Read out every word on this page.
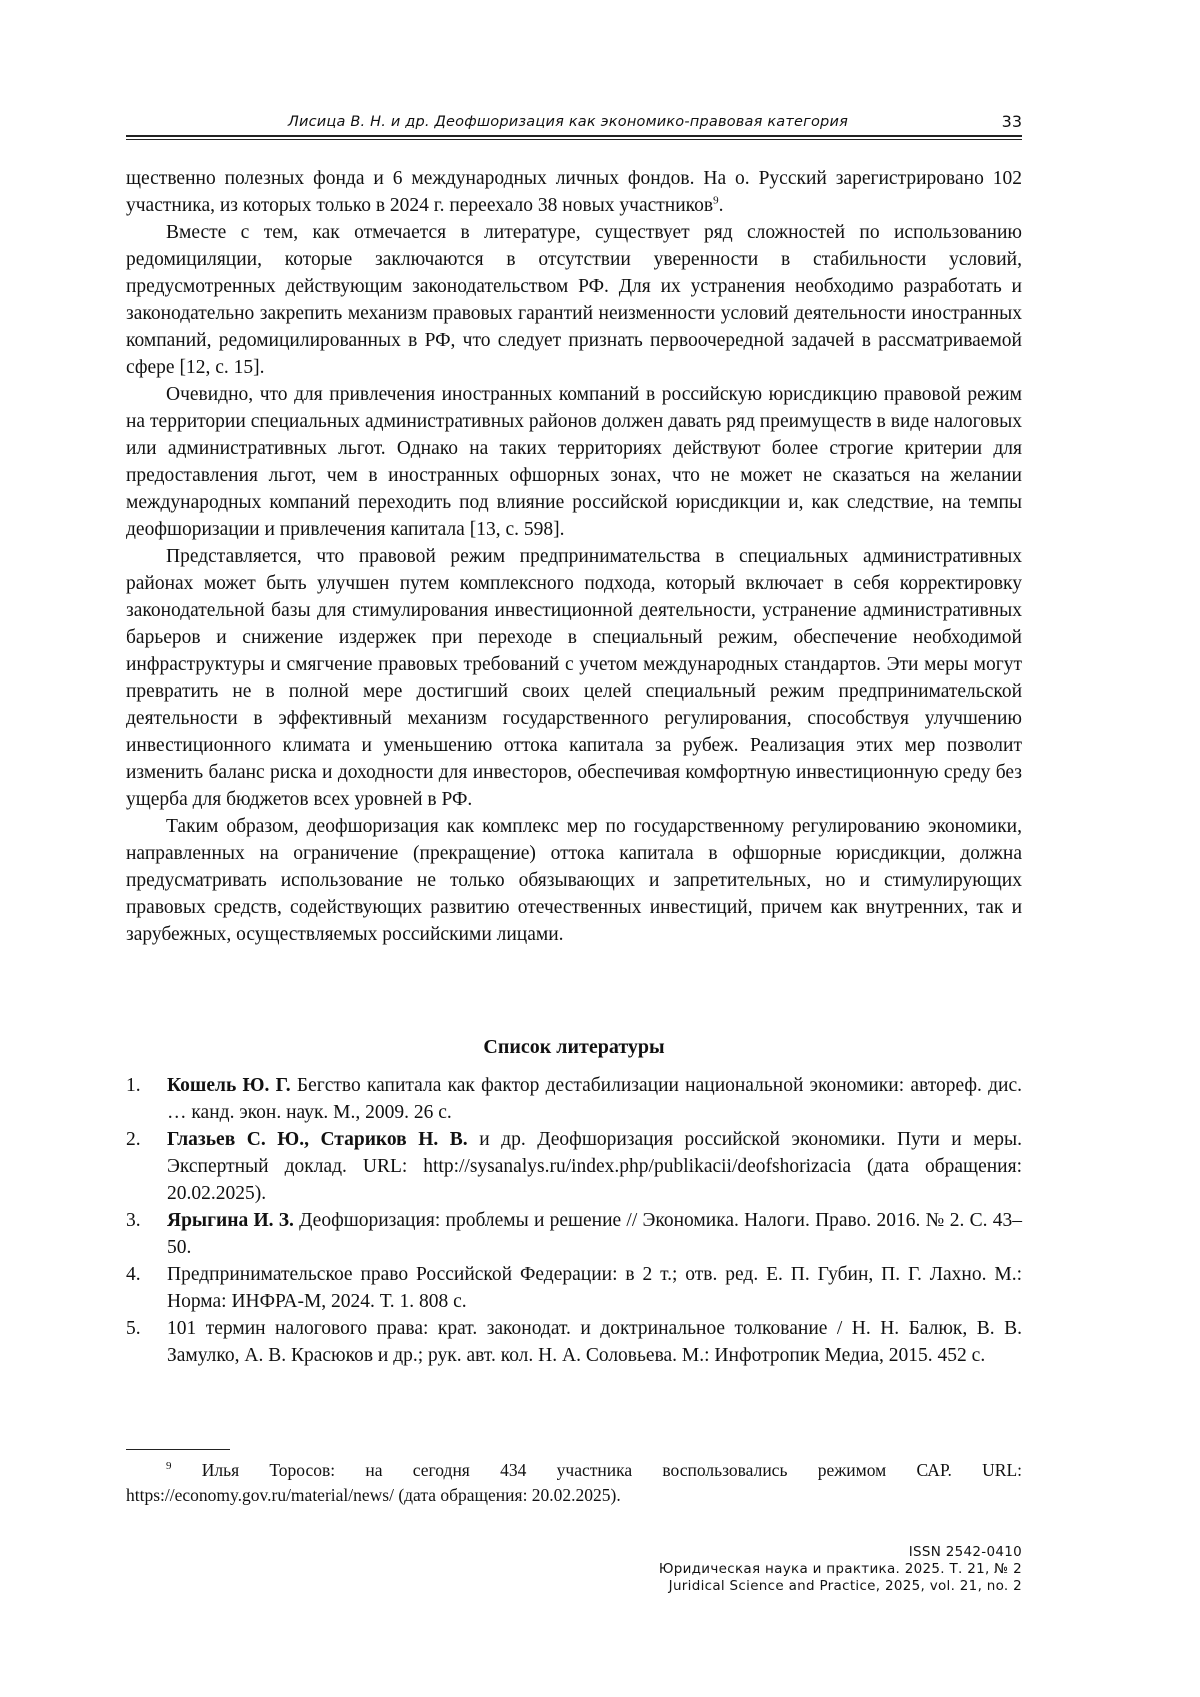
Лисица В. Н. и др. Деофшоризация как экономико-правовая категория	33

щественно полезных фонда и 6 международных личных фондов. На о. Русский зарегистрировано 102 участника, из которых только в 2024 г. переехало 38 новых участников$^9$.

Вместе с тем, как отмечается в литературе, существует ряд сложностей по использованию редомициляции, которые заключаются в отсутствии уверенности в стабильности условий, предусмотренных действующим законодательством РФ. Для их устранения необходимо разработать и законодательно закрепить механизм правовых гарантий неизменности условий деятельности иностранных компаний, редомицилированных в РФ, что следует признать первоочередной задачей в рассматриваемой сфере [12, с. 15].

Очевидно, что для привлечения иностранных компаний в российскую юрисдикцию правовой режим на территории специальных административных районов должен давать ряд преимуществ в виде налоговых или административных льгот. Однако на таких территориях действуют более строгие критерии для предоставления льгот, чем в иностранных офшорных зонах, что не может не сказаться на желании международных компаний переходить под влияние российской юрисдикции и, как следствие, на темпы деофшоризации и привлечения капитала [13, с. 598].

Представляется, что правовой режим предпринимательства в специальных административных районах может быть улучшен путем комплексного подхода, который включает в себя корректировку законодательной базы для стимулирования инвестиционной деятельности, устранение административных барьеров и снижение издержек при переходе в специальный режим, обеспечение необходимой инфраструктуры и смягчение правовых требований с учетом международных стандартов. Эти меры могут превратить не в полной мере достигший своих целей специальный режим предпринимательской деятельности в эффективный механизм государственного регулирования, способствуя улучшению инвестиционного климата и уменьшению оттока капитала за рубеж. Реализация этих мер позволит изменить баланс риска и доходности для инвесторов, обеспечивая комфортную инвестиционную среду без ущерба для бюджетов всех уровней в РФ.

Таким образом, деофшоризация как комплекс мер по государственному регулированию экономики, направленных на ограничение (прекращение) оттока капитала в офшорные юрисдикции, должна предусматривать использование не только обязывающих и запретительных, но и стимулирующих правовых средств, содействующих развитию отечественных инвестиций, причем как внутренних, так и зарубежных, осуществляемых российскими лицами.

Список литературы
1. Кошель Ю. Г. Бегство капитала как фактор дестабилизации национальной экономики: автореф. дис. … канд. экон. наук. М., 2009. 26 с.
2. Глазьев С. Ю., Стариков Н. В. и др. Деофшоризация российской экономики. Пути и меры. Экспертный доклад. URL: http://sysanalys.ru/index.php/publikacii/deofshorizacia (дата обращения: 20.02.2025).
3. Ярыгина И. З. Деофшоризация: проблемы и решение // Экономика. Налоги. Право. 2016. № 2. С. 43–50.
4. Предпринимательское право Российской Федерации: в 2 т.; отв. ред. Е. П. Губин, П. Г. Лахно. М.: Норма: ИНФРА-М, 2024. Т. 1. 808 с.
5. 101 термин налогового права: крат. законодат. и доктринальное толкование / Н. Н. Балюк, В. В. Замулко, А. В. Красюков и др.; рук. авт. кол. Н. А. Соловьева. М.: Инфотропик Медиа, 2015. 452 с.
$^9$ Илья Торосов: на сегодня 434 участника воспользовались режимом САР. URL: https://economy.gov.ru/material/news/ (дата обращения: 20.02.2025).
ISSN 2542-0410
Юридическая наука и практика. 2025. Т. 21, № 2
Juridical Science and Practice, 2025, vol. 21, no. 2
